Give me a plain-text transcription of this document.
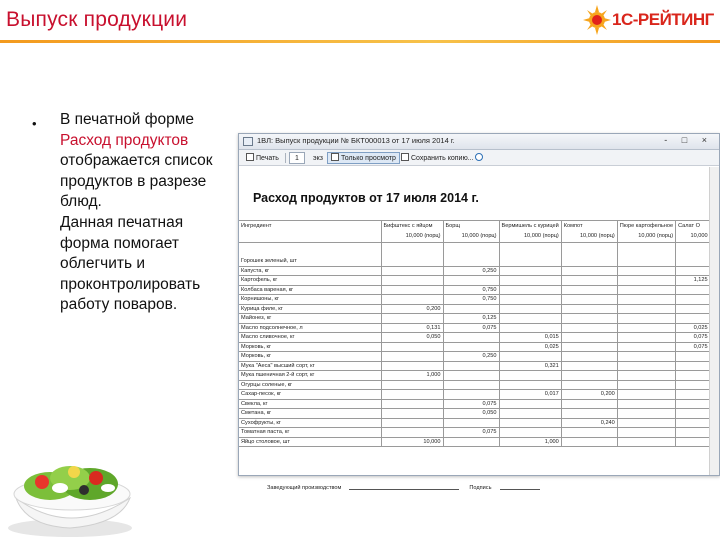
Выпуск продукции	1С-РЕЙТИНГ
• В печатной форме
Расход продуктов
отображается список
продуктов в разрезе
блюд.
Данная печатная
форма помогает
облегчить и
проконтролировать
работу поваров.
1ВЛ: Выпуск продукции № БКТ000013 от 17 июля 2014 г.	- □ ×
Печать	1	экз	Только просмотр	Сохранить копию...
Расход продуктов от 17 июля 2014 г.
Ингредиент	Бифштекс с яйцом	Борщ	Вермишель с курицей	Компот	Пюре картофельное	Салат О
	10,000 (порц)	10,000 (порц)	10,000 (порц)	10,000 (порц)	10,000 (порц)	10,000

Горошек зеленый, шт						
Капуста, кг		0,250				
Картофель, кг						1,125
Колбаса вареная, кг		0,750				
Корнишоны, кг		0,750				
Курица филе, кг	0,200					
Майонез, кг		0,125				
Масло подсолнечное, л	0,131	0,075				0,025
Масло сливочное, кг	0,050		0,015			0,075
Морковь, кг			0,025			0,075
Морковь, кг		0,250				
Мука "Аеса" высший сорт, кг			0,321			
Мука пшеничная 2-й сорт, кг	1,000					
Огурцы соленые, кг						
Сахар-песок, кг			0,017	0,200		
Свекла, кг		0,075				
Сметана, кг		0,050				
Сухофрукты, кг				0,240		
Томатная паста, кг		0,075				
Яйцо столовое, шт	10,000		1,000			
Заведующий производством	Подпись
